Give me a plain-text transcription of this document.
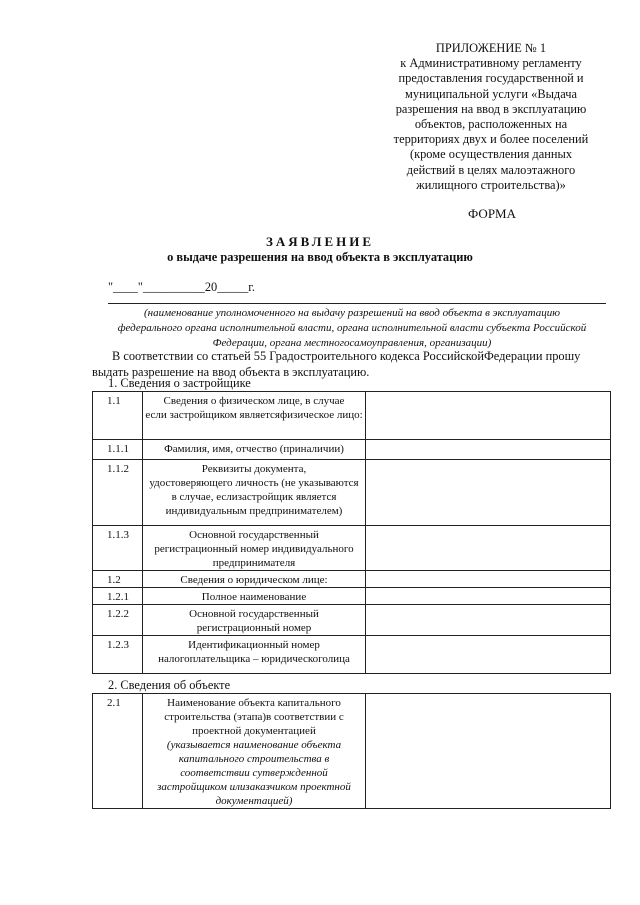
ПРИЛОЖЕНИЕ № 1
к Административному регламенту
предоставления государственной и
муниципальной услуги «Выдача
разрешения на ввод в эксплуатацию
объектов, расположенных на
территориях двух и более поселений
(кроме осуществления данных
действий в целях малоэтажного
жилищного строительства)»
ФОРМА
ЗАЯВЛЕНИЕ
о выдаче разрешения на ввод объекта в эксплуатацию
"____"__________20_____г.
(наименование уполномоченного на выдачу разрешений на ввод объекта в эксплуатацию
федерального органа исполнительной власти, органа исполнительной власти субъекта Российской
Федерации, органа местногосамоуправления, организации)
В соответствии со статьей 55 Градостроительного кодекса РоссийскойФедерации прошу
выдать разрешение на ввод объекта в эксплуатацию.
1. Сведения о застройщике
1.1	Сведения о физическом лице, в случае
если застройщиком являетсяфизическое лицо:	

1.1.1	Фамилия, имя, отчество (приналичии)	

1.1.2	Реквизиты документа,
удостоверяющего личность (не указываются
в случае, еслизастройщик является
индивидуальным предпринимателем)	

1.1.3	Основной государственный
регистрационный номер индивидуального
предпринимателя	

1.2	Сведения о юридическом лице:	

1.2.1	Полное наименование	

1.2.2	Основной государственный
регистрационный номер	

1.2.3	Идентификационный номер
налогоплательщика – юридическоголица	

2. Сведения об объекте
2.1	Наименование объекта капитального
строительства (этапа)в соответствии с
проектной документацией
(указывается наименование объекта
капитального строительства в
соответствии сутвержденной
застройщиком илизаказчиком проектной
документацией)
